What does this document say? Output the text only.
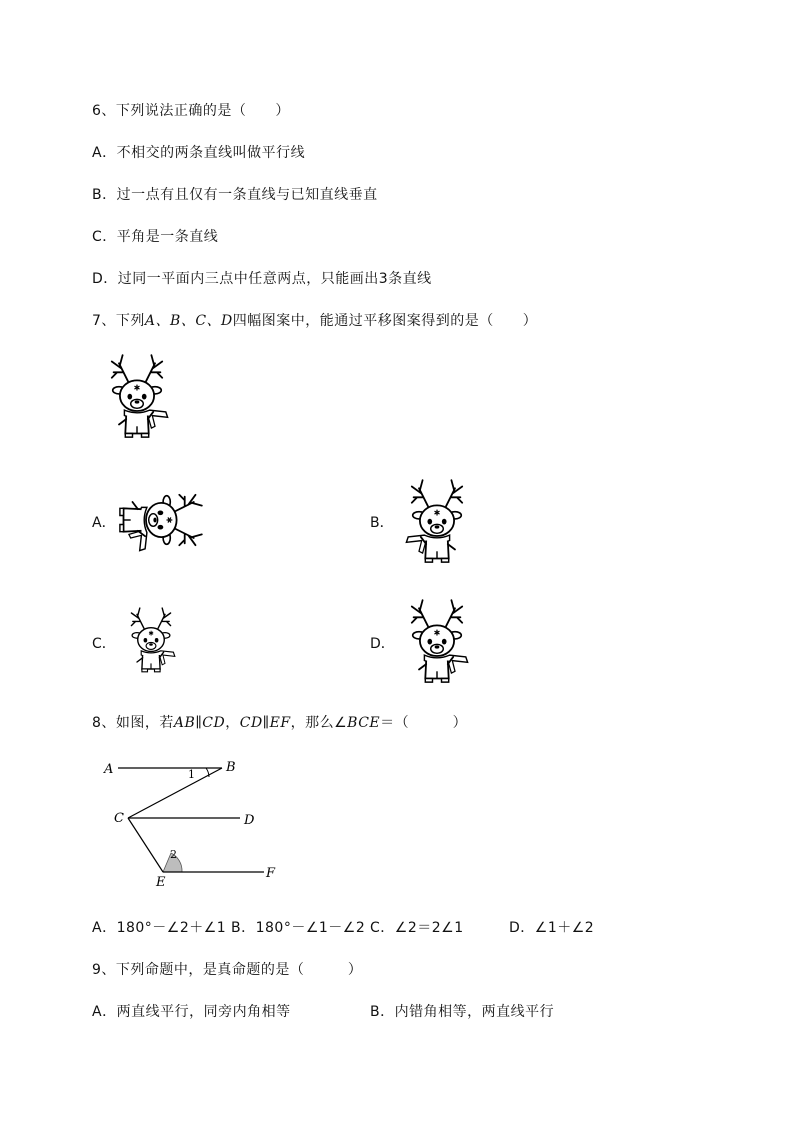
6、下列说法正确的是（　　）
A．不相交的两条直线叫做平行线
B．过一点有且仅有一条直线与已知直线垂直
C．平角是一条直线
D．过同一平面内三点中任意两点，只能画出3条直线
7、下列A、B、C、D四幅图案中，能通过平移图案得到的是（　　）
A．	B．
C．	D．
8、如图，若AB∥CD，CD∥EF，那么∠BCE＝（　　　）
A	B
1
C	D
2
E
F
A．180°－∠2＋∠1 B．180°－∠1－∠2 C．∠2＝2∠1	D．∠1＋∠2
9、下列命题中，是真命题的是（　　　）
A．两直线平行，同旁内角相等	B．内错角相等，两直线平行
